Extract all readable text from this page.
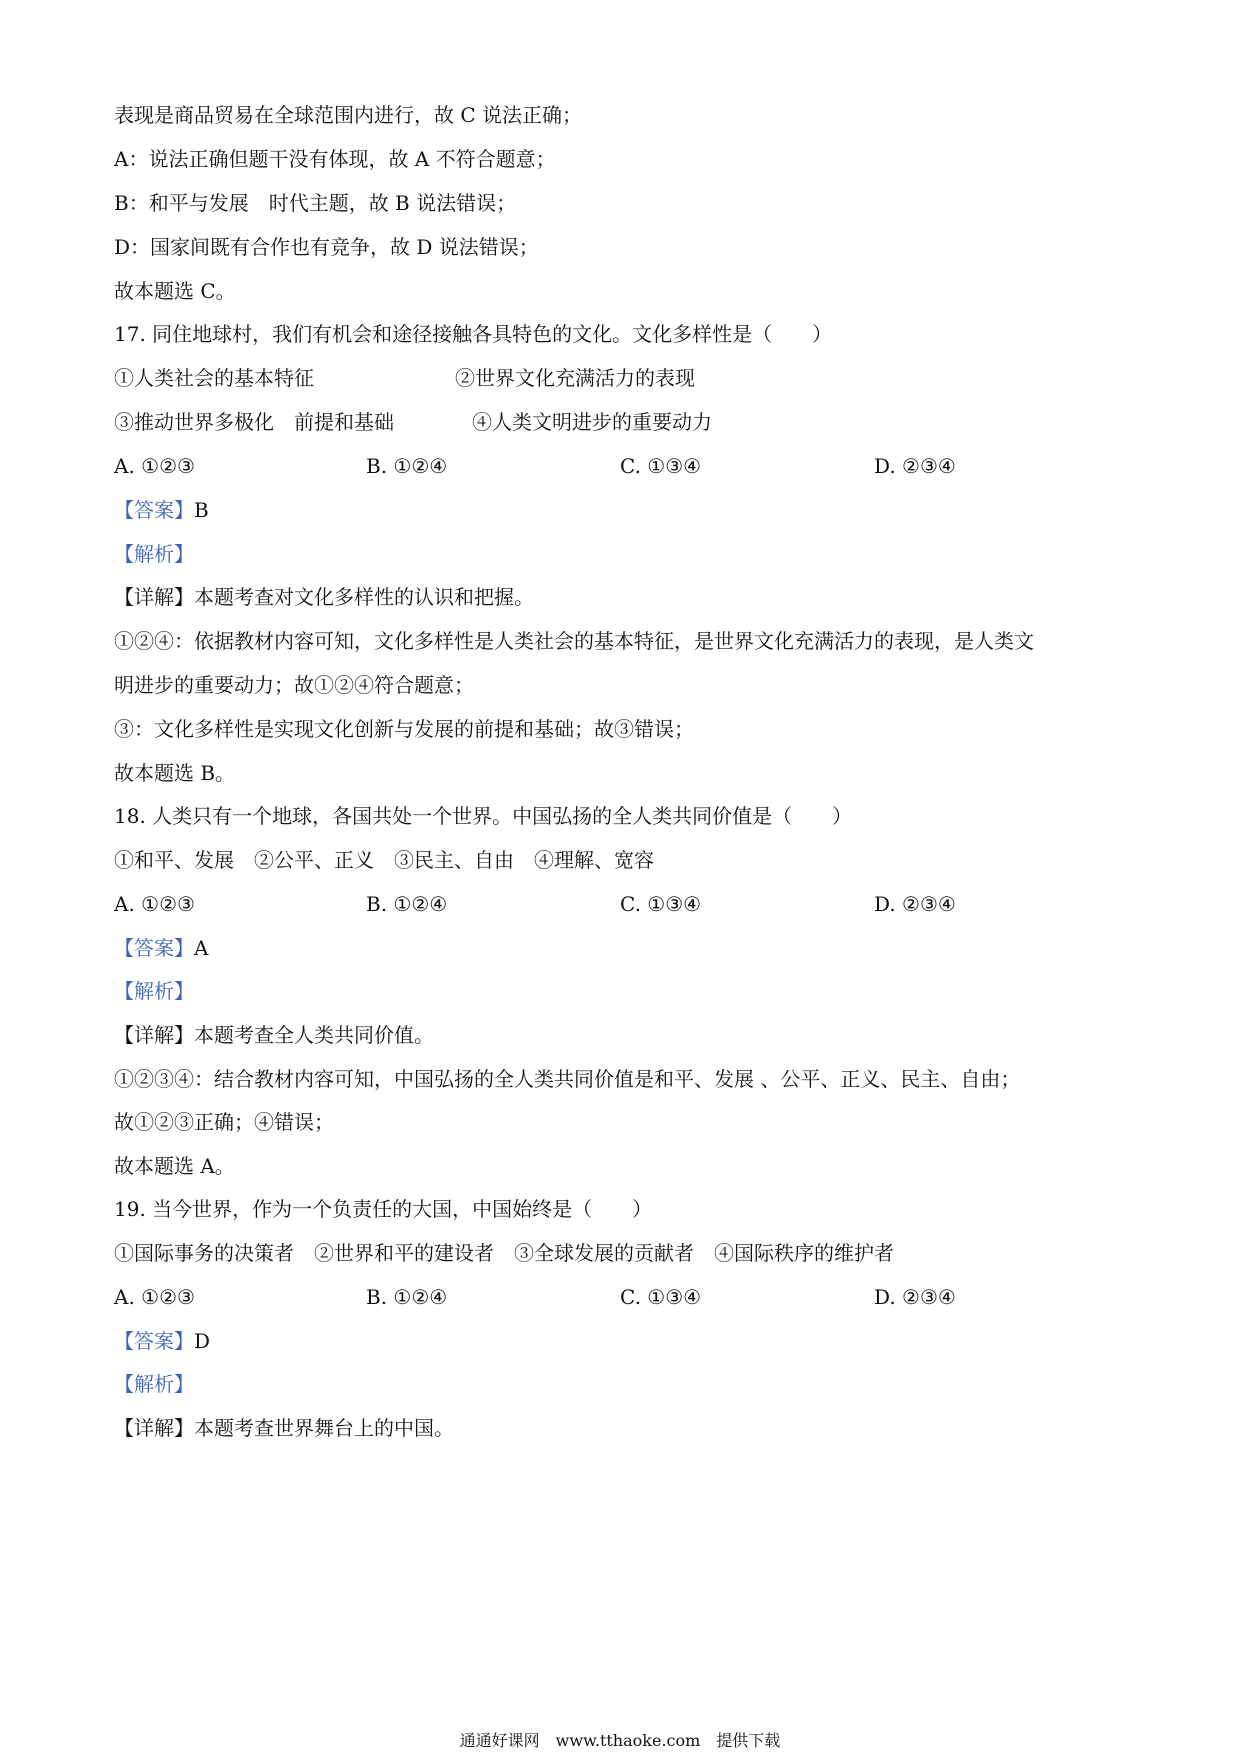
表现是商品贸易在全球范围内进行，故 C 说法正确；
A：说法正确但题干没有体现，故 A 不符合题意；
B：和平与发展　时代主题，故 B 说法错误；
D：国家间既有合作也有竞争，故 D 说法错误；
故本题选 C。
17. 同住地球村，我们有机会和途径接触各具特色的文化。文化多样性是（　　）
①人类社会的基本特征	②世界文化充满活力的表现
③推动世界多极化　前提和基础	④人类文明进步的重要动力
A. ①②③	B. ①②④	C. ①③④	D. ②③④
【答案】B
【解析】
【详解】本题考查对文化多样性的认识和把握。
①②④：依据教材内容可知，文化多样性是人类社会的基本特征，是世界文化充满活力的表现，是人类文
明进步的重要动力；故①②④符合题意；
③：文化多样性是实现文化创新与发展的前提和基础；故③错误；
故本题选 B。
18. 人类只有一个地球，各国共处一个世界。中国弘扬的全人类共同价值是（　　）
①和平、发展　②公平、正义　③民主、自由　④理解、宽容
A. ①②③	B. ①②④	C. ①③④	D. ②③④
【答案】A
【解析】
【详解】本题考查全人类共同价值。
①②③④：结合教材内容可知，中国弘扬的全人类共同价值是和平、发展 、公平、正义、民主、自由；
故①②③正确；④错误；
故本题选 A。
19. 当今世界，作为一个负责任的大国，中国始终是（　　）
①国际事务的决策者　②世界和平的建设者　③全球发展的贡献者　④国际秩序的维护者
A. ①②③	B. ①②④	C. ①③④	D. ②③④
【答案】D
【解析】
【详解】本题考查世界舞台上的中国。
通通好课网　www.tthaoke.com　提供下载
